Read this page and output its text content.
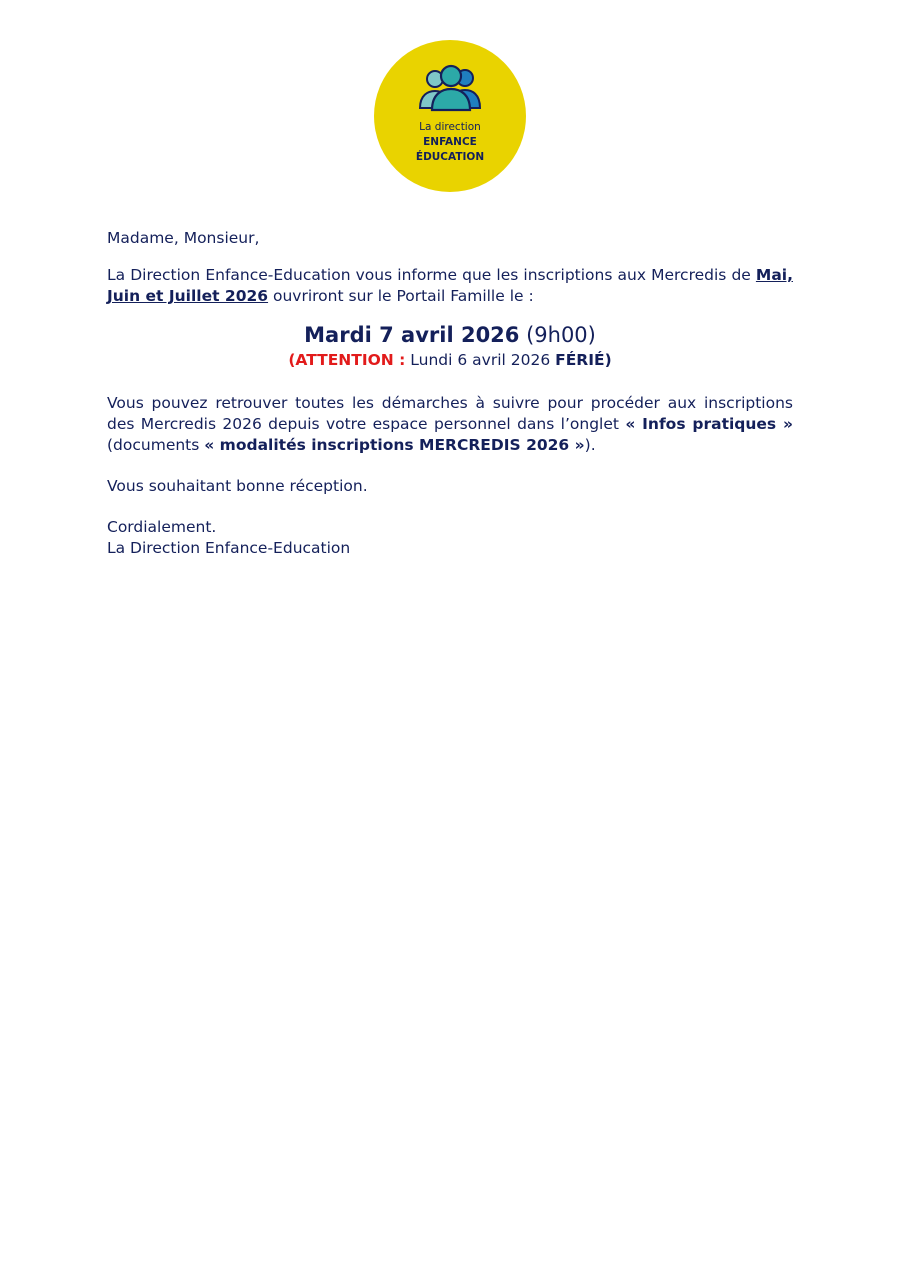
La direction
ENFANCE
ÉDUCATION

Madame, Monsieur,

La Direction Enfance-Education vous informe que les inscriptions aux Mercredis de Mai, Juin et Juillet 2026 ouvriront sur le Portail Famille le :

Mardi 7 avril 2026 (9h00)

(ATTENTION : Lundi 6 avril 2026 FÉRIÉ)

Vous pouvez retrouver toutes les démarches à suivre pour procéder aux inscriptions des Mercredis 2026 depuis votre espace personnel dans l’onglet « Infos pratiques » (documents « modalités inscriptions MERCREDIS 2026 »).

Vous souhaitant bonne réception.

Cordialement.

La Direction Enfance-Education
